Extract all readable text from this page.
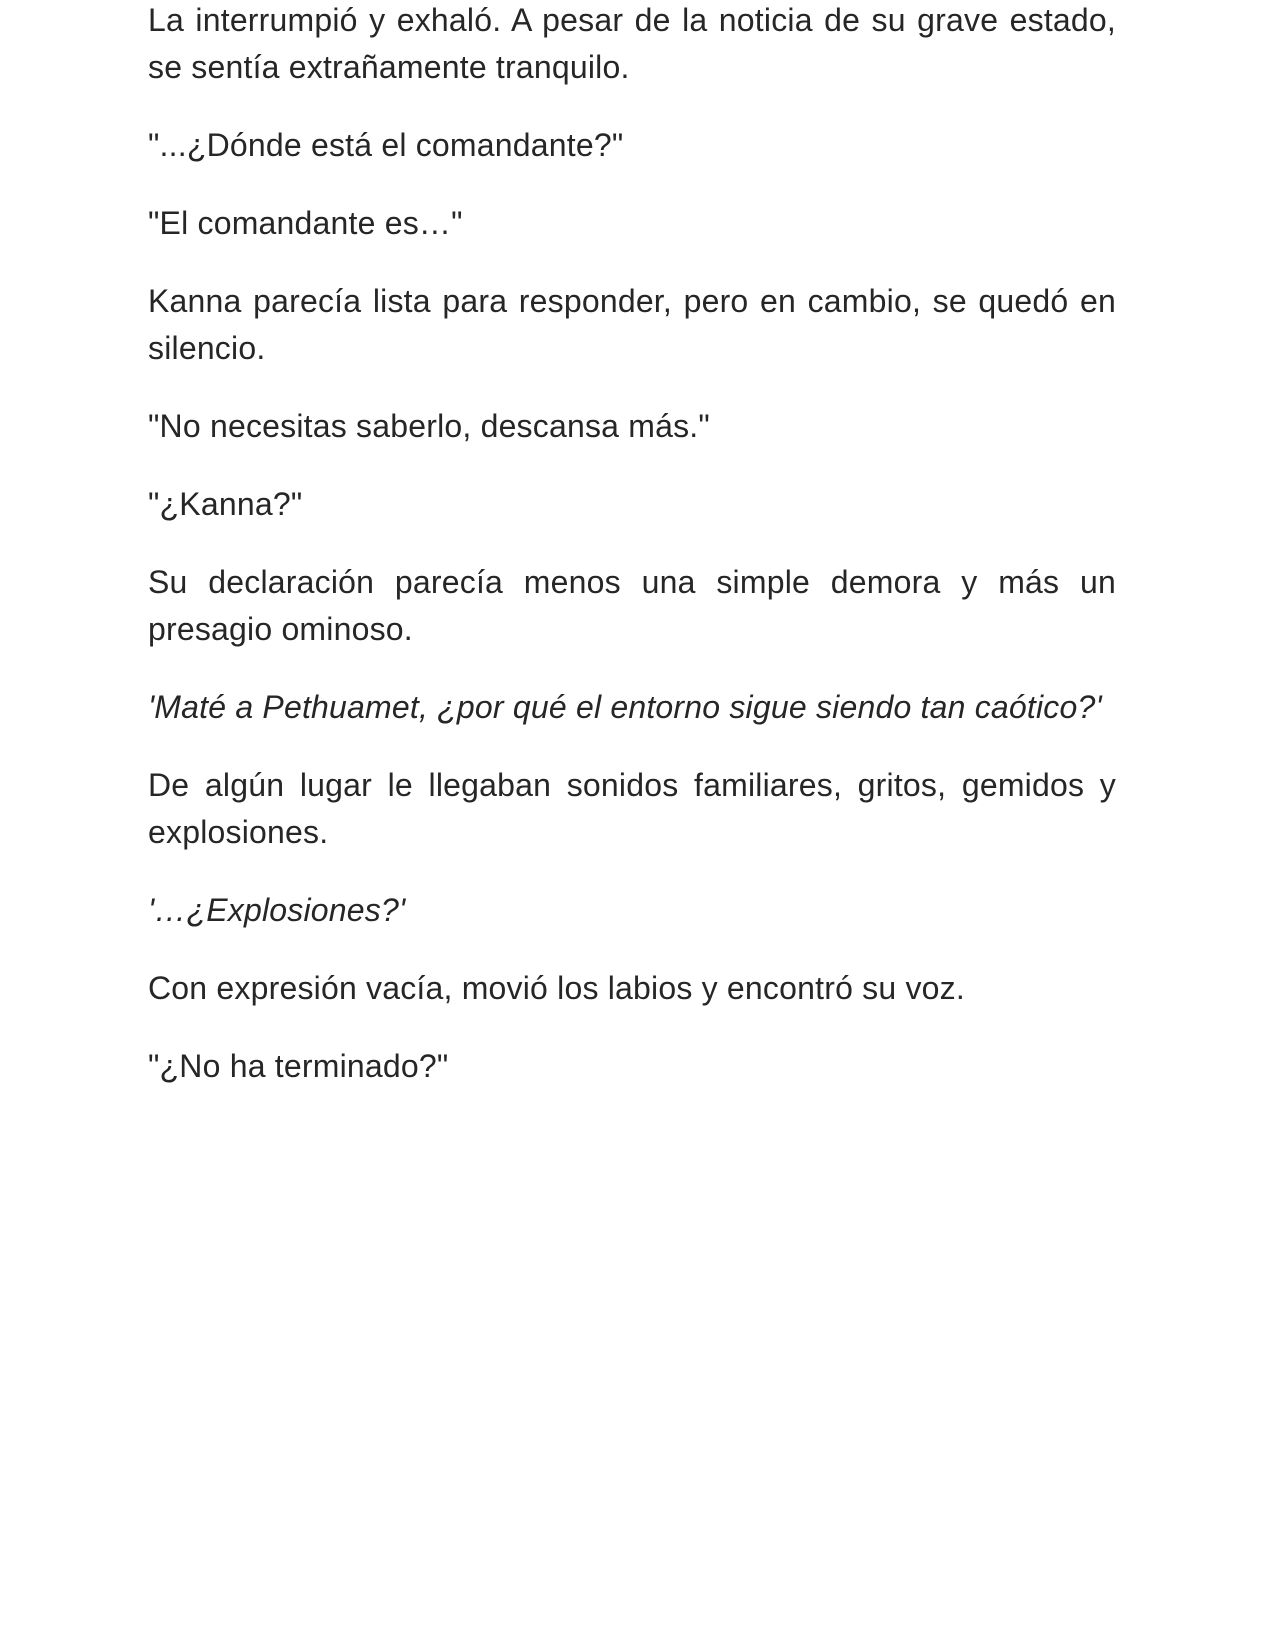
La interrumpió y exhaló. A pesar de la noticia de su grave estado, se sentía extrañamente tranquilo.

"...¿Dónde está el comandante?"

"El comandante es…"

Kanna parecía lista para responder, pero en cambio, se quedó en silencio.

"No necesitas saberlo, descansa más."

"¿Kanna?"

Su declaración parecía menos una simple demora y más un presagio ominoso.

'Maté a Pethuamet, ¿por qué el entorno sigue siendo tan caótico?'

De algún lugar le llegaban sonidos familiares, gritos, gemidos y explosiones.

'…¿Explosiones?'

Con expresión vacía, movió los labios y encontró su voz.

"¿No ha terminado?"
